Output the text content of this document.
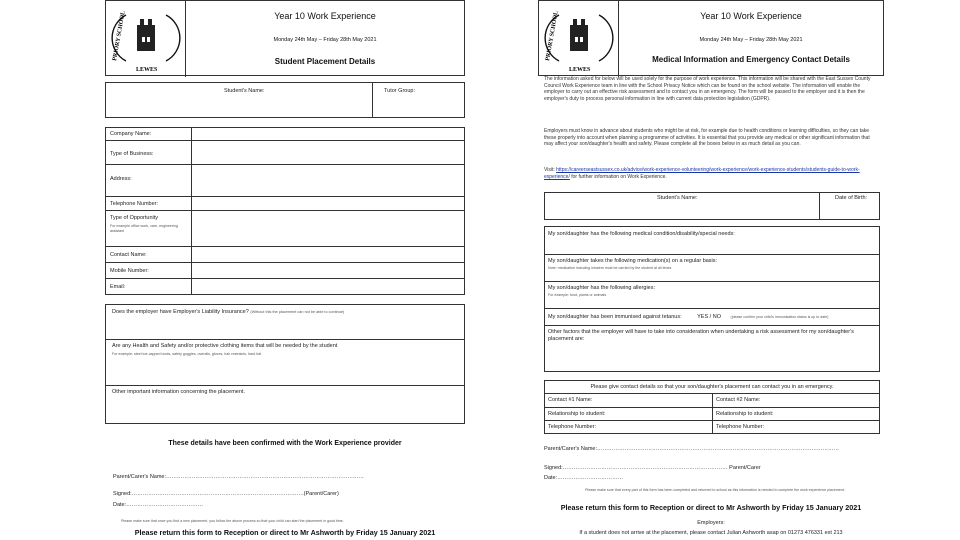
PRIORY SCHOOL
LEWES
Year 10 Work Experience
Monday 24th May – Friday 28th May 2021
Student Placement Details
Student's Name:	Tutor Group:
Company Name:
Type of Business:
Address:
Telephone Number:
Type of Opportunity
For example office work, care, engineering assistant
Contact Name:
Mobile Number:
Email:
Does the employer have Employer's Liability Insurance? (Without this the placement can not be able to continue)
Are any Health and Safety and/or protective clothing items that will be needed by the student
For example: steel toe-capped boots, safety goggles, overalls, gloves, hair restraints, hard hat
Other important information concerning the placement.
These details have been confirmed with the Work Experience provider
Parent/Carer's Name:………………………………………………………………………………………………
Signed:………………………………………………………………………………….(Parent/Carer)
Date:……………………………………
Please make sure that once you find a new placement, you follow the above process so that your child can start the placement in good time.
Please return this form to Reception or direct to Mr Ashworth by Friday 15 January 2021
PRIORY SCHOOL
LEWES
Year 10 Work Experience
Monday 24th May – Friday 28th May 2021
Medical Information and Emergency Contact Details
The information asked for below will be used solely for the purpose of work experience. This information will be shared with the East Sussex County Council Work Experience team in line with the School Privacy Notice which can be found on the school website. The information will enable the employer to carry out an effective risk assessment and to contact you in an emergency. The form will be passed to the employer and it is then the employer's duty to process personal information in line with current data protection legislation (GDPR).
Employers must know in advance about students who might be at risk, for example due to health conditions or learning difficulties, so they can take these properly into account when planning a programme of activities. It is essential that you provide any medical or other significant information that may affect your son/daughter's health and safety. Please complete all the boxes below in as much detail as you can.
Visit: https://careerseastsussex.co.uk/advice/work-experience-volunteering/work-experience/work-experience-students/students-guide-to-work-experience/ for further information on Work Experience.
Student's Name:	Date of Birth:
My son/daughter has the following medical condition/disability/special needs:
My son/daughter takes the following medication(s) on a regular basis:
Note: medication including inhalers must be carried by the student at all times
My son/daughter has the following allergies:
For example: food, plants or animals
My son/daughter has been immunised against tetanus:	YES / NO	(please confirm your child's immunisation status is up to date)
Other factors that the employer will have to take into consideration when undertaking a risk assessment for my son/daughter's placement are:
Please give contact details so that your son/daughter's placement can contact you in an emergency.
Contact #1 Name:	Contact #2 Name:
Relationship to student:	Relationship to student:
Telephone Number:	Telephone Number:
Parent/Carer's Name:……………………………………………………………………………………………………………………
Signed:……………………………………………………………………………… Parent/Carer
Date:………………………………
Please make sure that every part of this form has been completed and returned to school as this information is needed to complete the work experience placement.
Please return this form to Reception or direct to Mr Ashworth by Friday 15 January 2021
Employers:
If a student does not arrive at the placement, please contact Julian Ashworth asap on 01273 476331 ext 213
